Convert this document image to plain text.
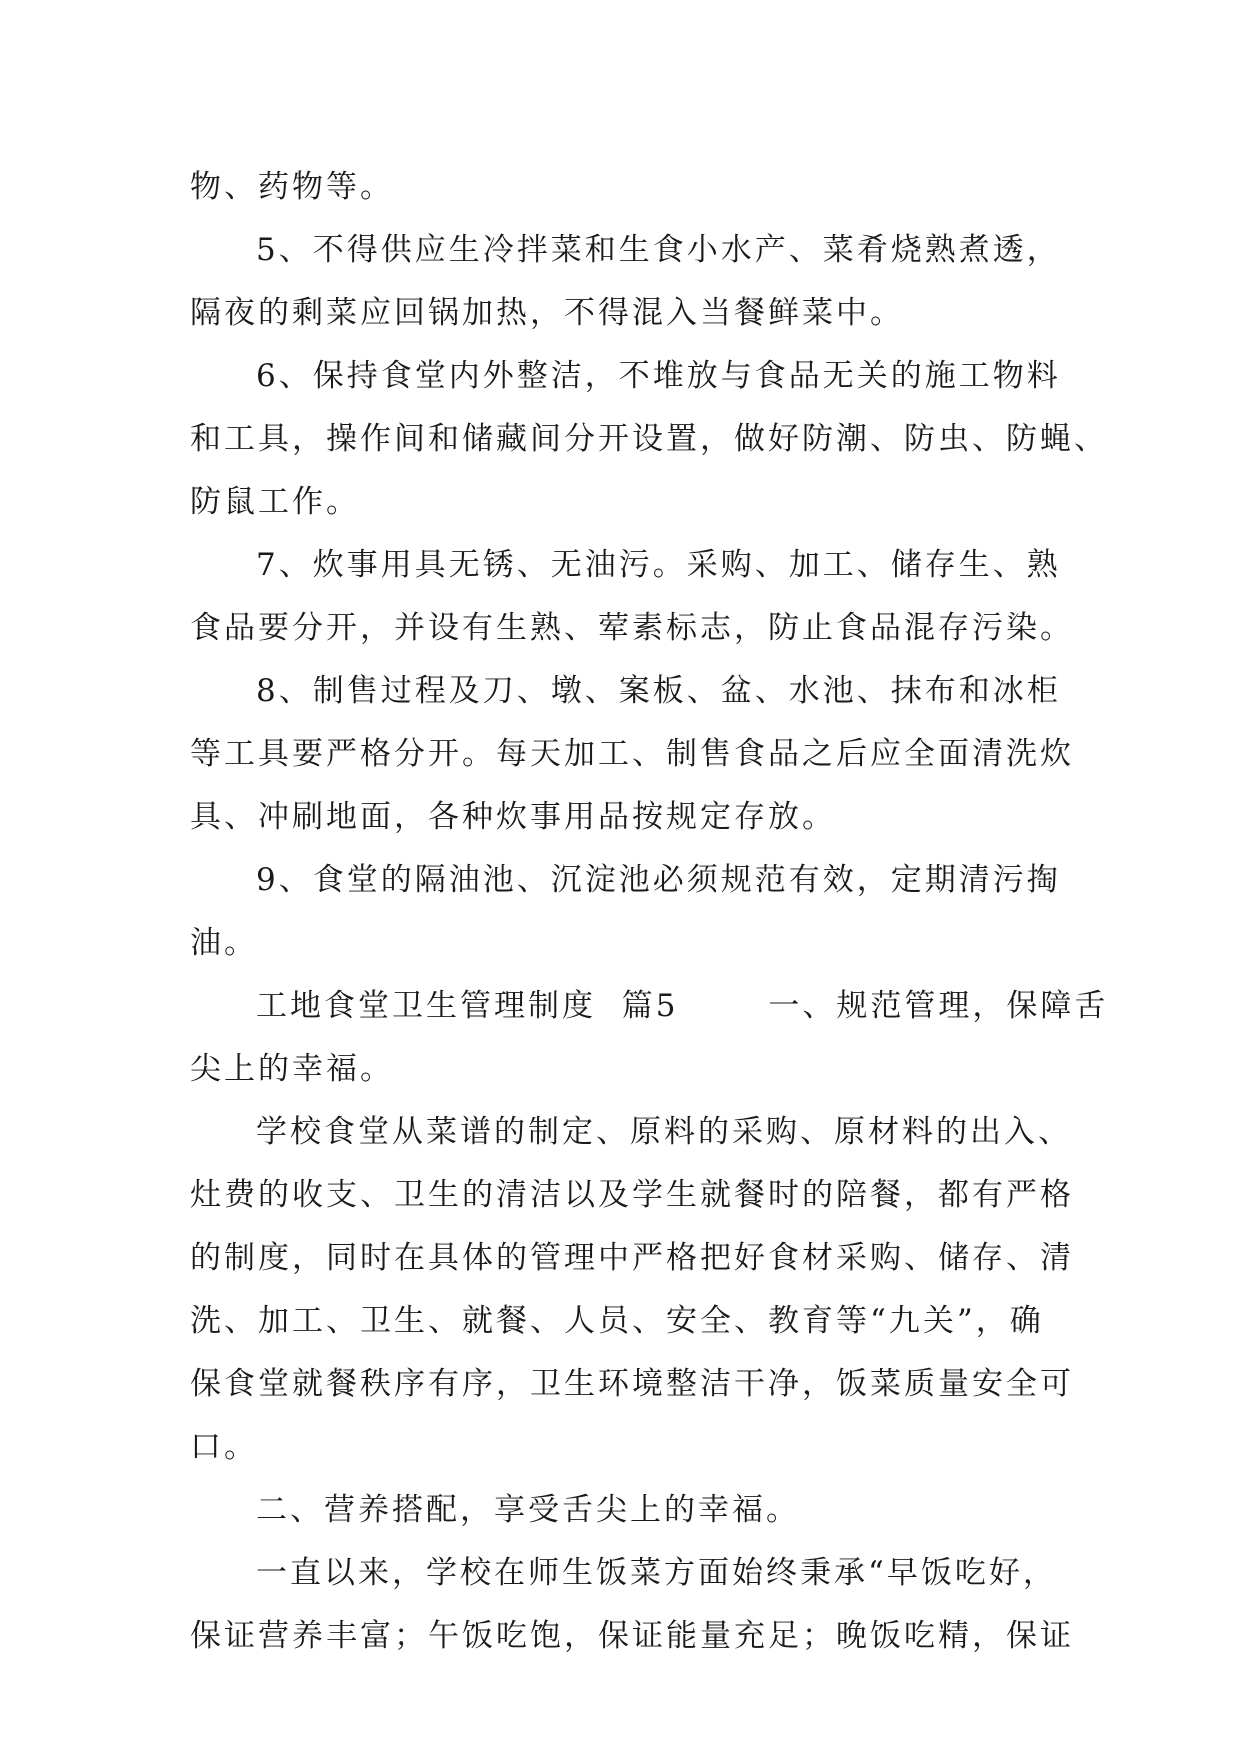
物、药物等。
5、不得供应生冷拌菜和生食小水产、菜肴烧熟煮透，
隔夜的剩菜应回锅加热，不得混入当餐鲜菜中。
6、保持食堂内外整洁，不堆放与食品无关的施工物料
和工具，操作间和储藏间分开设置，做好防潮、防虫、防蝇、
防鼠工作。
7、炊事用具无锈、无油污。采购、加工、储存生、熟
食品要分开，并设有生熟、荤素标志，防止食品混存污染。
8、制售过程及刀、墩、案板、盆、水池、抹布和冰柜
等工具要严格分开。每天加工、制售食品之后应全面清洗炊
具、冲刷地面，各种炊事用品按规定存放。
9、食堂的隔油池、沉淀池必须规范有效，定期清污掏
油。
工地食堂卫生管理制度  篇5       一、规范管理，保障舌
尖上的幸福。
学校食堂从菜谱的制定、原料的采购、原材料的出入、
灶费的收支、卫生的清洁以及学生就餐时的陪餐，都有严格
的制度，同时在具体的管理中严格把好食材采购、储存、清
洗、加工、卫生、就餐、人员、安全、教育等“九关”，确
保食堂就餐秩序有序，卫生环境整洁干净，饭菜质量安全可
口。
二、营养搭配，享受舌尖上的幸福。
一直以来，学校在师生饭菜方面始终秉承“早饭吃好，
保证营养丰富；午饭吃饱，保证能量充足；晚饭吃精，保证
